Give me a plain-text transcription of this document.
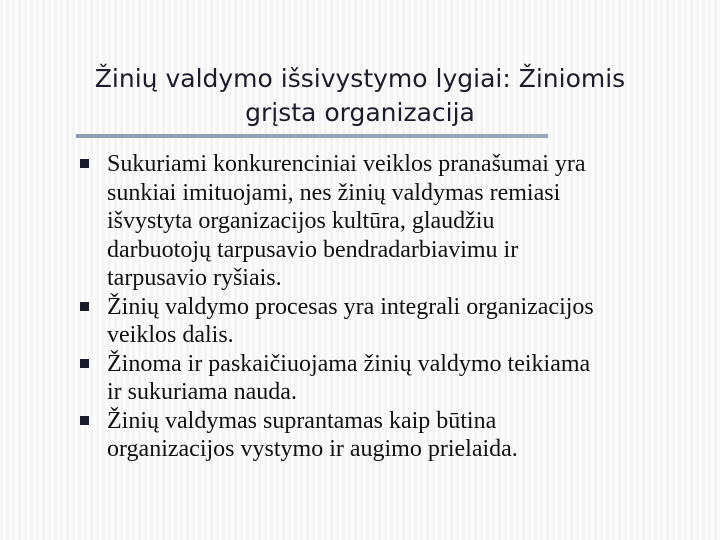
Žinių valdymo išsivystymo lygiai: Žiniomis
grįsta organizacija
Sukuriami konkurenciniai veiklos pranašumai yra
sunkiai imituojami, nes žinių valdymas remiasi
išvystyta organizacijos kultūra, glaudžiu
darbuotojų tarpusavio bendradarbiavimu ir
tarpusavio ryšiais.
Žinių valdymo procesas yra integrali organizacijos
veiklos dalis.
Žinoma ir paskaičiuojama žinių valdymo teikiama
ir sukuriama nauda.
Žinių valdymas suprantamas kaip būtina
organizacijos vystymo ir augimo prielaida.
